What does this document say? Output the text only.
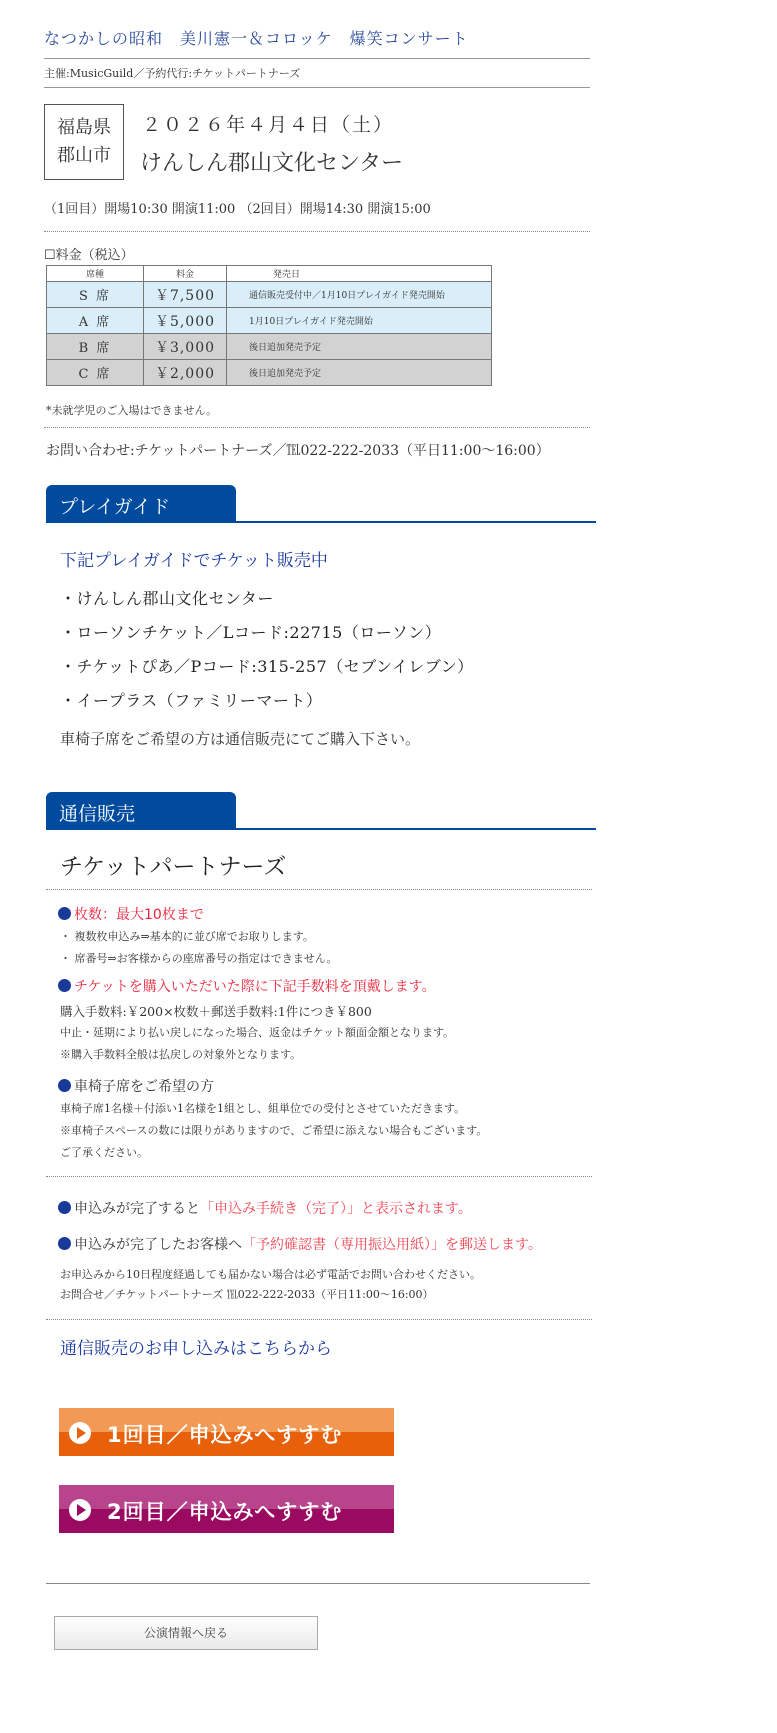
なつかしの昭和　美川憲一＆コロッケ　爆笑コンサート
主催:MusicGuild／予約代行:チケットパートナーズ
福島県
郡山市
２０２６年４月４日（土）
けんしん郡山文化センター
（1回目）開場10:30 開演11:00 （2回目）開場14:30 開演15:00
☐料金（税込）
席種	料金	発売日
S 席	￥7,500	通信販売受付中／1月10日プレイガイド発売開始
A 席	￥5,000	1月10日プレイガイド発売開始
B 席	￥3,000	後日追加発売予定
C 席	￥2,000	後日追加発売予定
*未就学児のご入場はできません。
お問い合わせ:チケットパートナーズ／℡022-222-2033（平日11:00〜16:00）
プレイガイド
下記プレイガイドでチケット販売中
・けんしん郡山文化センター
・ローソンチケット／Lコード:22715（ローソン）
・チケットぴあ／Pコード:315-257（セブンイレブン）
・イープラス（ファミリーマート）
車椅子席をご希望の方は通信販売にてご購入下さい。
通信販売
チケットパートナーズ
枚数：最大10枚まで
・ 複数枚申込み⇒基本的に並び席でお取りします。
・ 席番号⇒お客様からの座席番号の指定はできません。
チケットを購入いただいた際に下記手数料を頂戴します。
購入手数料:￥200×枚数＋郵送手数料:1件につき￥800
中止・延期により払い戻しになった場合、返金はチケット額面金額となります。
※購入手数料全般は払戻しの対象外となります。
車椅子席をご希望の方
車椅子席1名様＋付添い1名様を1組とし、組単位での受付とさせていただきます。
※車椅子スペースの数には限りがありますので、ご希望に添えない場合もございます。
ご了承ください。
申込みが完了すると「申込み手続き（完了）」と表示されます。
申込みが完了したお客様へ「予約確認書（専用振込用紙）」を郵送します。
お申込みから10日程度経過しても届かない場合は必ず電話でお問い合わせください。
お問合せ／チケットパートナーズ ℡022-222-2033（平日11:00〜16:00）
通信販売のお申し込みはこちらから
1回目／申込みへすすむ
2回目／申込みへすすむ
公演情報へ戻る
